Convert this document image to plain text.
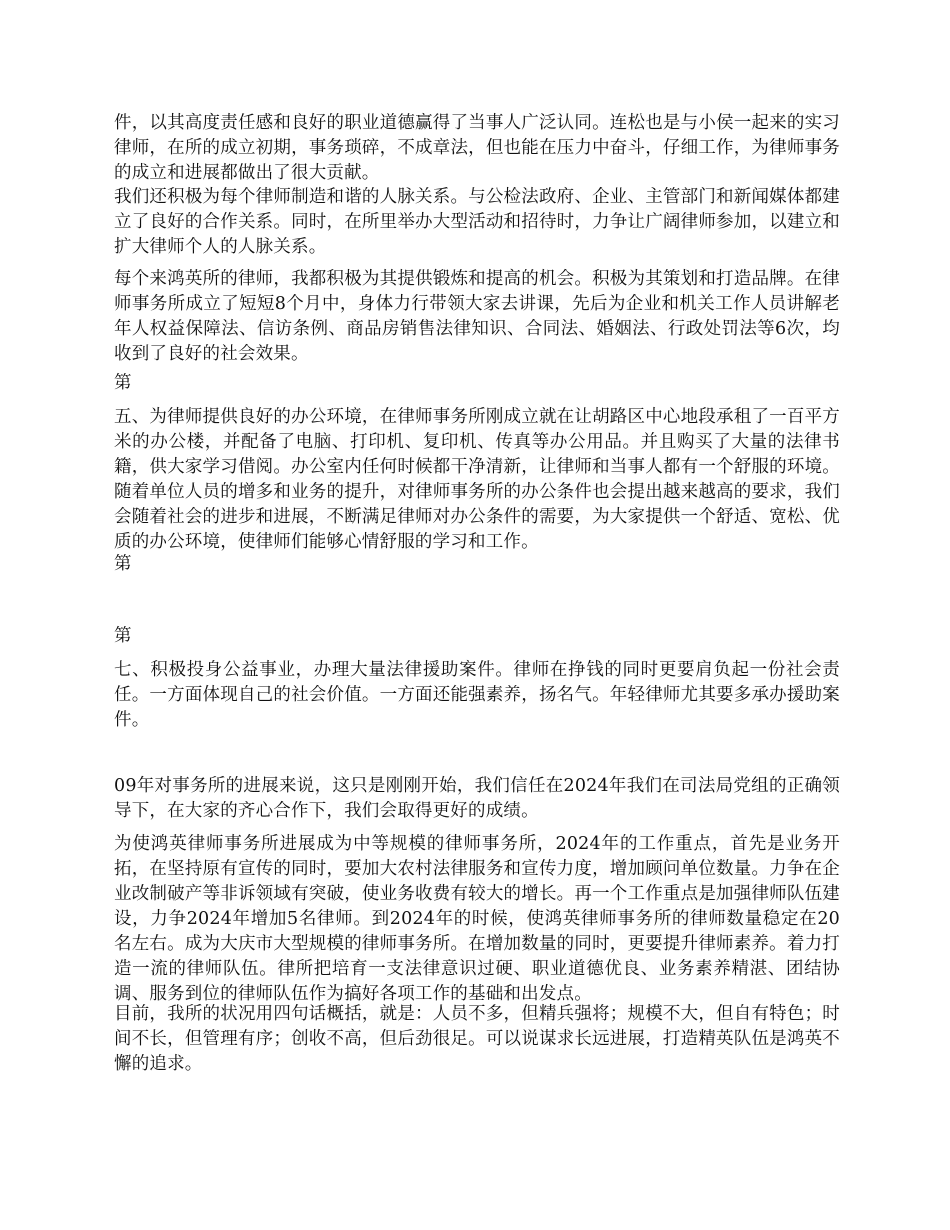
件，以其高度责任感和良好的职业道德赢得了当事人广泛认同。连松也是与小侯一起来的实习律师，在所的成立初期，事务琐碎，不成章法，但也能在压力中奋斗，仔细工作，为律师事务的成立和进展都做出了很大贡献。

我们还积极为每个律师制造和谐的人脉关系。与公检法政府、企业、主管部门和新闻媒体都建立了良好的合作关系。同时，在所里举办大型活动和招待时，力争让广阔律师参加，以建立和扩大律师个人的人脉关系。

每个来鸿英所的律师，我都积极为其提供锻炼和提高的机会。积极为其策划和打造品牌。在律师事务所成立了短短8个月中，身体力行带领大家去讲课，先后为企业和机关工作人员讲解老年人权益保障法、信访条例、商品房销售法律知识、合同法、婚姻法、行政处罚法等6次，均收到了良好的社会效果。

第

五、为律师提供良好的办公环境，在律师事务所刚成立就在让胡路区中心地段承租了一百平方米的办公楼，并配备了电脑、打印机、复印机、传真等办公用品。并且购买了大量的法律书籍，供大家学习借阅。办公室内任何时候都干净清新，让律师和当事人都有一个舒服的环境。随着单位人员的增多和业务的提升，对律师事务所的办公条件也会提出越来越高的要求，我们会随着社会的进步和进展，不断满足律师对办公条件的需要，为大家提供一个舒适、宽松、优质的办公环境，使律师们能够心情舒服的学习和工作。

第

第

七、积极投身公益事业，办理大量法律援助案件。律师在挣钱的同时更要肩负起一份社会责任。一方面体现自己的社会价值。一方面还能强素养，扬名气。年轻律师尤其要多承办援助案件。

09年对事务所的进展来说，这只是刚刚开始，我们信任在2024年我们在司法局党组的正确领导下，在大家的齐心合作下，我们会取得更好的成绩。

为使鸿英律师事务所进展成为中等规模的律师事务所，2024年的工作重点，首先是业务开拓，在坚持原有宣传的同时，要加大农村法律服务和宣传力度，增加顾问单位数量。力争在企业改制破产等非诉领域有突破，使业务收费有较大的增长。再一个工作重点是加强律师队伍建设，力争2024年增加5名律师。到2024年的时候，使鸿英律师事务所的律师数量稳定在20名左右。成为大庆市大型规模的律师事务所。在增加数量的同时，更要提升律师素养。着力打造一流的律师队伍。律所把培育一支法律意识过硬、职业道德优良、业务素养精湛、团结协调、服务到位的律师队伍作为搞好各项工作的基础和出发点。

目前，我所的状况用四句话概括，就是：人员不多，但精兵强将；规模不大，但自有特色；时间不长，但管理有序；创收不高，但后劲很足。可以说谋求长远进展，打造精英队伍是鸿英不懈的追求。
